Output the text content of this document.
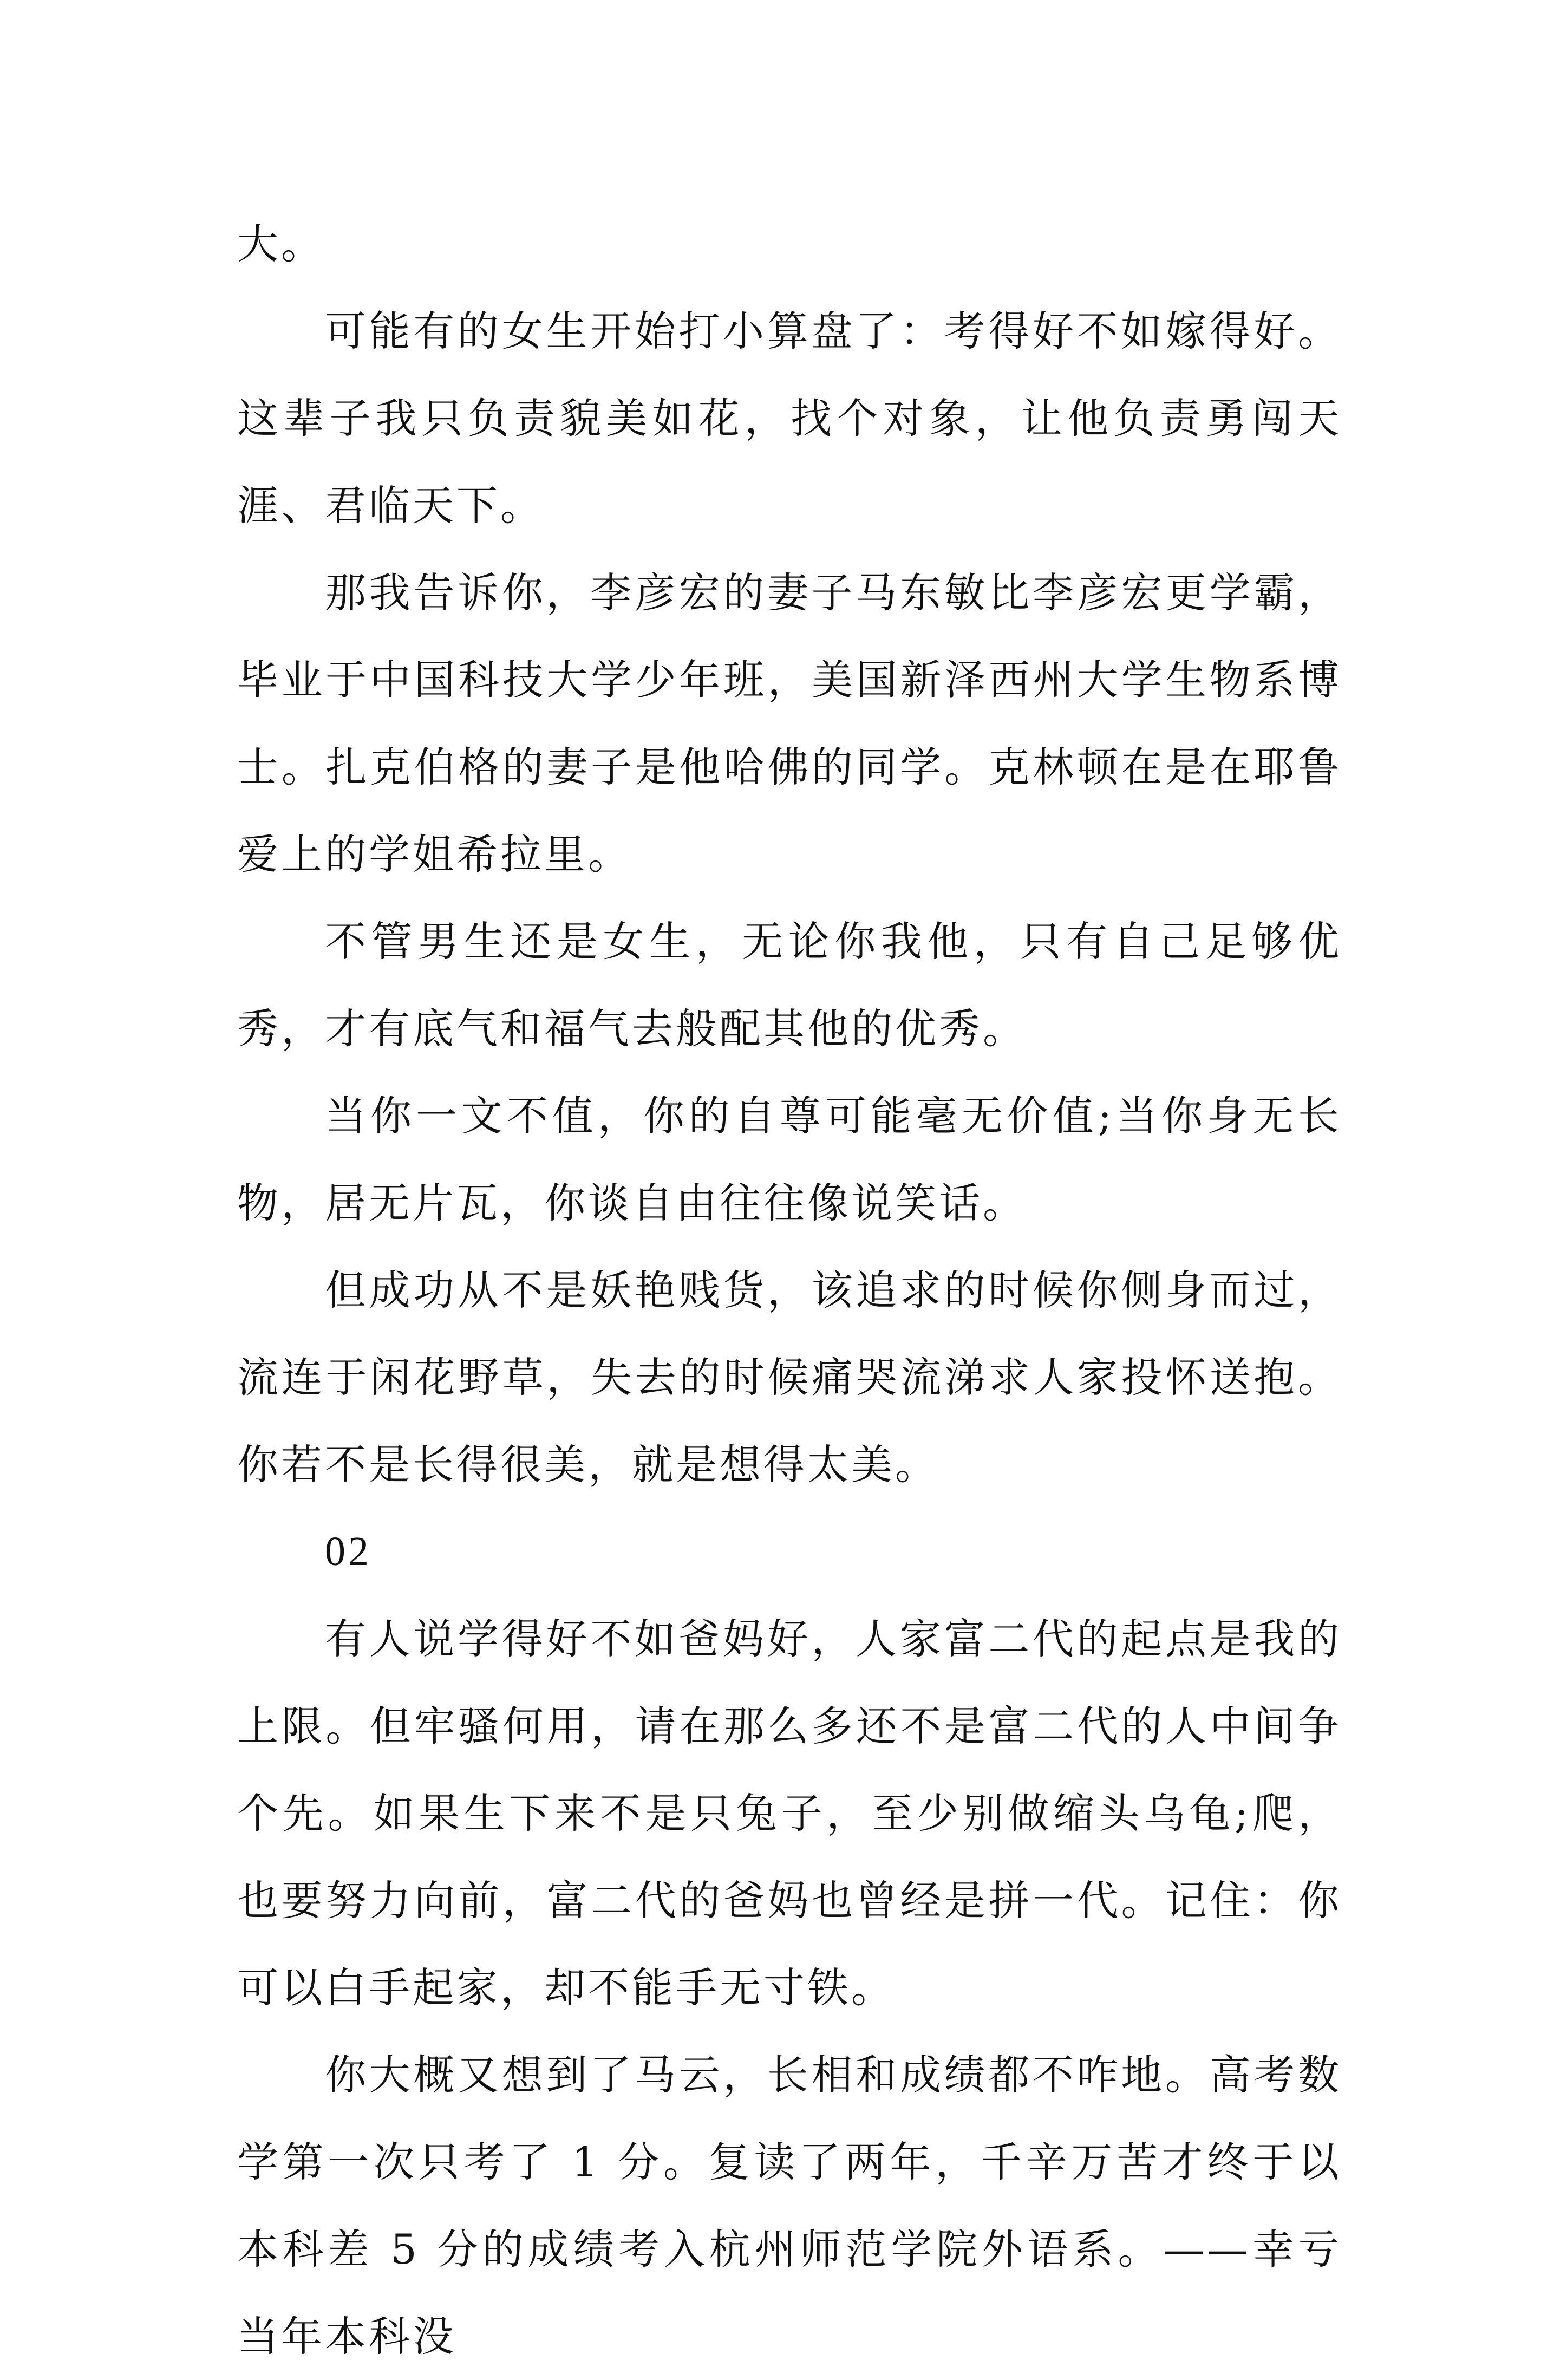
大。

可能有的女生开始打小算盘了：考得好不如嫁得好。这辈子我只负责貌美如花，找个对象，让他负责勇闯天涯、君临天下。

那我告诉你，李彦宏的妻子马东敏比李彦宏更学霸，毕业于中国科技大学少年班，美国新泽西州大学生物系博士。扎克伯格的妻子是他哈佛的同学。克林顿在是在耶鲁爱上的学姐希拉里。

不管男生还是女生，无论你我他，只有自己足够优秀，才有底气和福气去般配其他的优秀。

当你一文不值，你的自尊可能毫无价值;当你身无长物，居无片瓦，你谈自由往往像说笑话。

但成功从不是妖艳贱货，该追求的时候你侧身而过，流连于闲花野草，失去的时候痛哭流涕求人家投怀送抱。你若不是长得很美，就是想得太美。

02

有人说学得好不如爸妈好，人家富二代的起点是我的上限。但牢骚何用，请在那么多还不是富二代的人中间争个先。如果生下来不是只兔子，至少别做缩头乌龟;爬，也要努力向前，富二代的爸妈也曾经是拼一代。记住：你可以白手起家，却不能手无寸铁。

你大概又想到了马云，长相和成绩都不咋地。高考数学第一次只考了 1 分。复读了两年，千辛万苦才终于以本科差 5 分的成绩考入杭州师范学院外语系。——幸亏当年本科没
